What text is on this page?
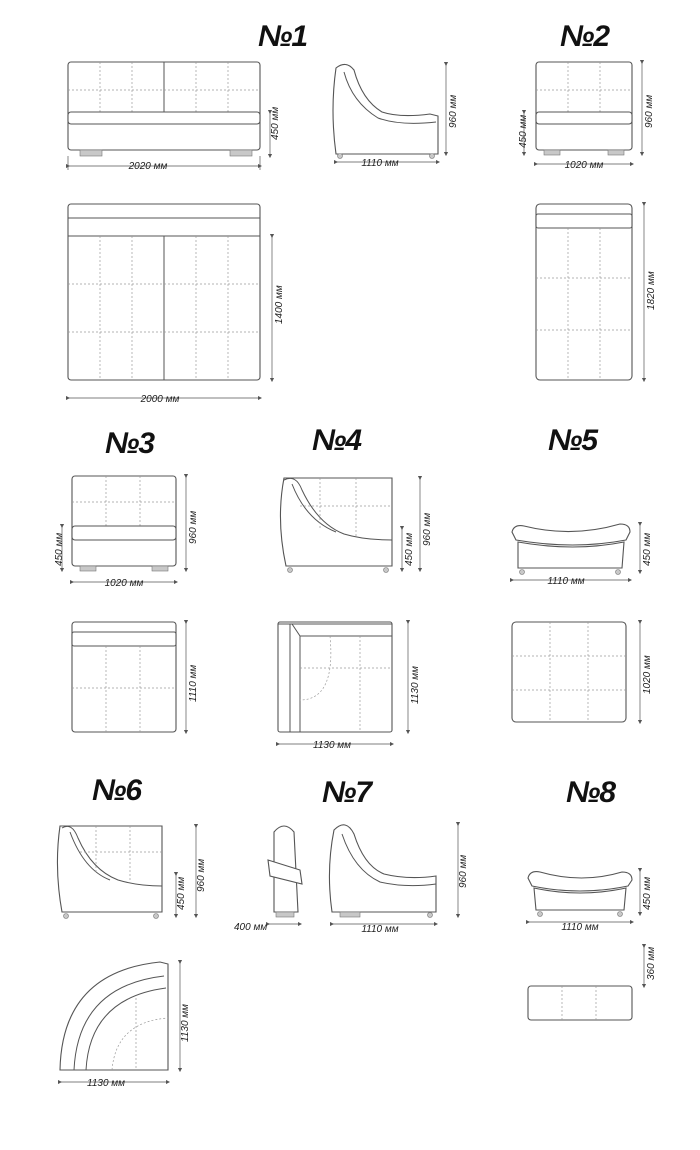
№1
2020 мм
450 мм
1110 мм
960 мм
2000 мм
1400 мм
№2
1020 мм
450 мм
960 мм
1820 мм
№3
1020 мм
450 мм
960 мм
1110 мм
№4
450 мм
960 мм
1130 мм
1130 мм
№5
1110 мм
450 мм
1020 мм
№6
450 мм
960 мм
1130 мм
1130 мм
№7
400 мм	1110 мм
960 мм
№8
1110 мм
450 мм
360 мм
